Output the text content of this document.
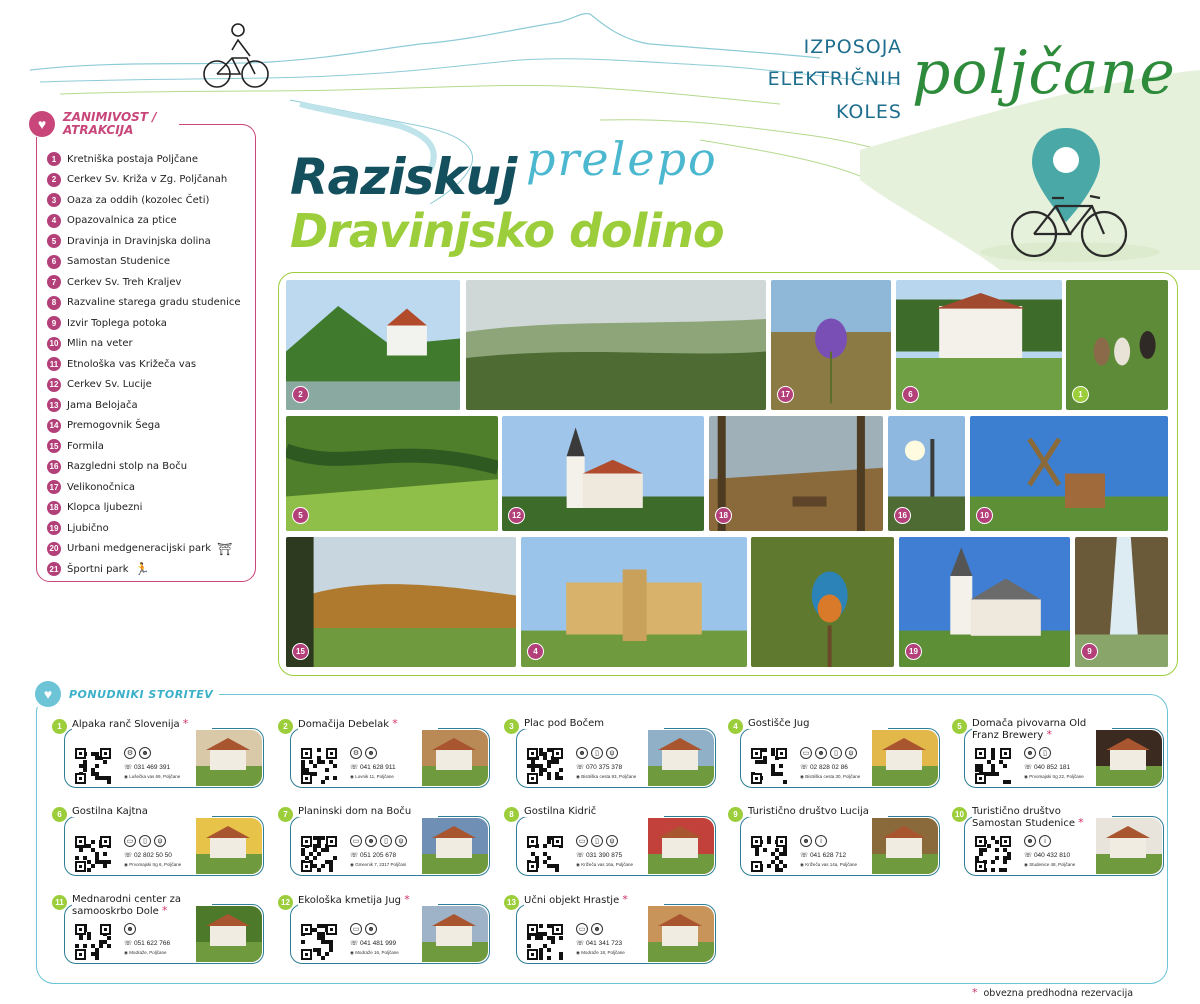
Raziskuj prelepo
Dravinjsko dolino
IZPOSOJA
ELEKTRIČNIH
KOLES
poljčane
♥	ZANIMIVOST / ATRAKCIJA
1	Kretniška postaja Poljčane
2	Cerkev Sv. Križa v Zg. Poljčanah
3	Oaza za oddih (kozolec Četi)
4	Opazovalnica za ptice
5	Dravinja in Dravinjska dolina
6	Samostan Studenice
7	Cerkev Sv. Treh Kraljev
8	Razvaline starega gradu studenice
9	Izvir Toplega potoka
10 Mlin na veter
11 Etnološka vas Križeča vas
12 Cerkev Sv. Lucije
13 Jama Belojača
14 Premogovnik Šega
15 Formila
16 Razgledni stolp na Boču
17 Velikonočnica
18 Klopca ljubezni
19 Ljubično
20 Urbani medgeneracijski park ⛩
21 Športni park 🏃
2	17	6	1
5	12	18	16	10
15	4	19	9
♥	PONUDNIKI STORITEV
1	Alpaka ranč Slovenija *
⚙	☻
☏ 031 469 391
◉ Lušečka vas 69, Poljčane
2	Domačija Debelak *
⚙	☻
☏ 041 628 911
◉ Lovnik 11, Poljčane
3	Plac pod Bočem
☻	▯	ψ
☏ 070 375 378
◉ Bistriška cesta 93, Poljčane
4	Gostišče Jug
▭	☻	▯	ψ
☏ 02 828 02 86
◉ Bistriška cesta 30, Poljčane
5	Domača pivovarna Old Franz Brewery *
☻	▯
☏ 040 852 181
◉ Prvomajski trg 22, Poljčane
6	Gostilna Kajtna
▭	▯	ψ
☏ 02 802 50 50
◉ Prvomajski trg 6, Poljčane
7	Planinski dom na Boču
▭	☻	▯	ψ
☏ 051 205 678
◉ Gmevnik 7, 2317 Poljčani
8	Gostilna Kidrič
▭	▯	ψ
☏ 031 390 875
◉ Križeča vas 16a, Poljčane
9	Turistično društvo Lucija
☻	i
☏ 041 628 712
◉ Križeča vas 14a, Poljčane
10 Turistično društvo Samostan Studenice *
☻	i
☏ 040 432 810
◉ Studenice 48, Poljčane
11 Mednarodni center za samooskrbo Dole *
☻
☏ 051 622 766
◉ Modraže, Poljčane
12 Ekološka kmetija Jug *
▭	☻
☏ 041 481 999
◉ Modraže 16, Poljčane
13 Učni objekt Hrastje *
▭	☻
☏ 041 341 723
◉ Modraže 18, Poljčane
* obvezna predhodna rezervacija
